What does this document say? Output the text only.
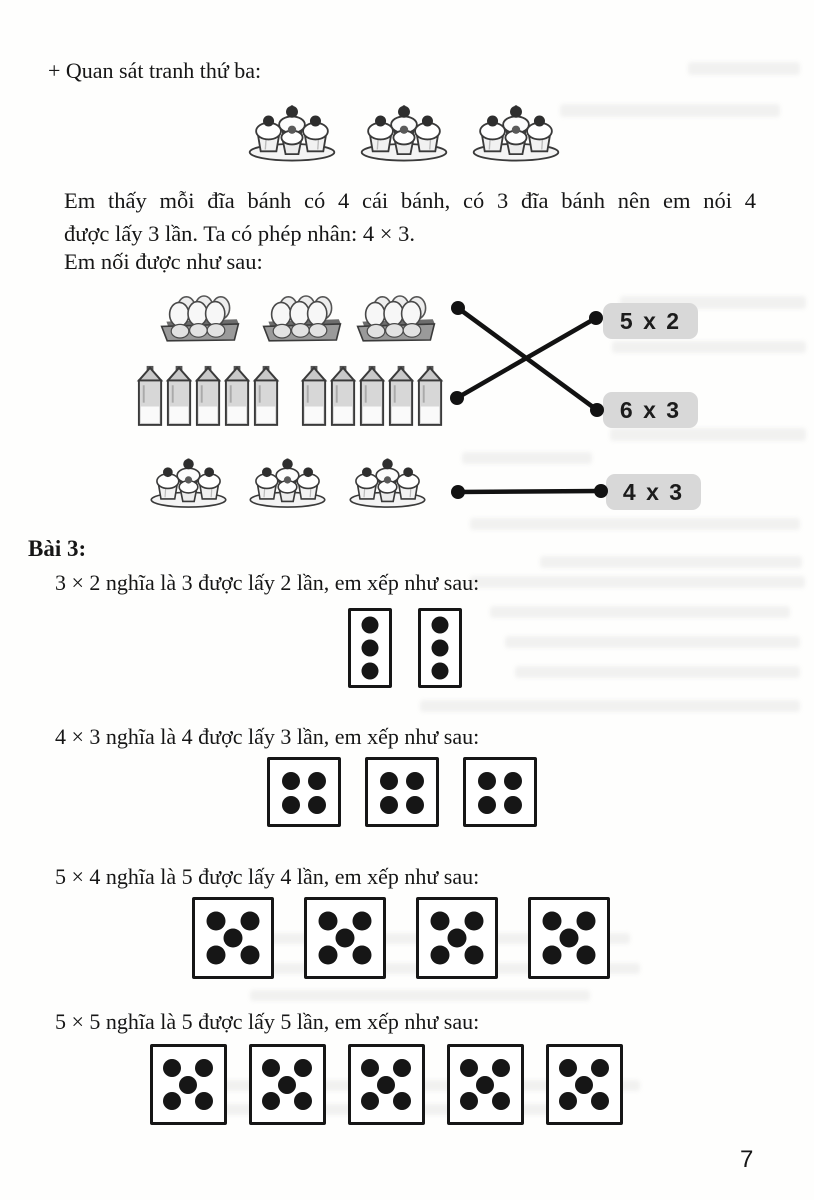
+ Quan sát tranh thứ ba:
Em thấy mỗi đĩa bánh có 4 cái bánh, có 3 đĩa bánh nên em nói 4
được lấy 3 lần. Ta có phép nhân: 4 × 3.
Em nối được như sau:
5 x 2
6 x 3
4 x 3
Bài 3:
3 × 2 nghĩa là 3 được lấy 2 lần, em xếp như sau:
4 × 3 nghĩa là 4 được lấy 3 lần, em xếp như sau:
5 × 4 nghĩa là 5 được lấy 4 lần, em xếp như sau:
5 × 5 nghĩa là 5 được lấy 5 lần, em xếp như sau:
7
